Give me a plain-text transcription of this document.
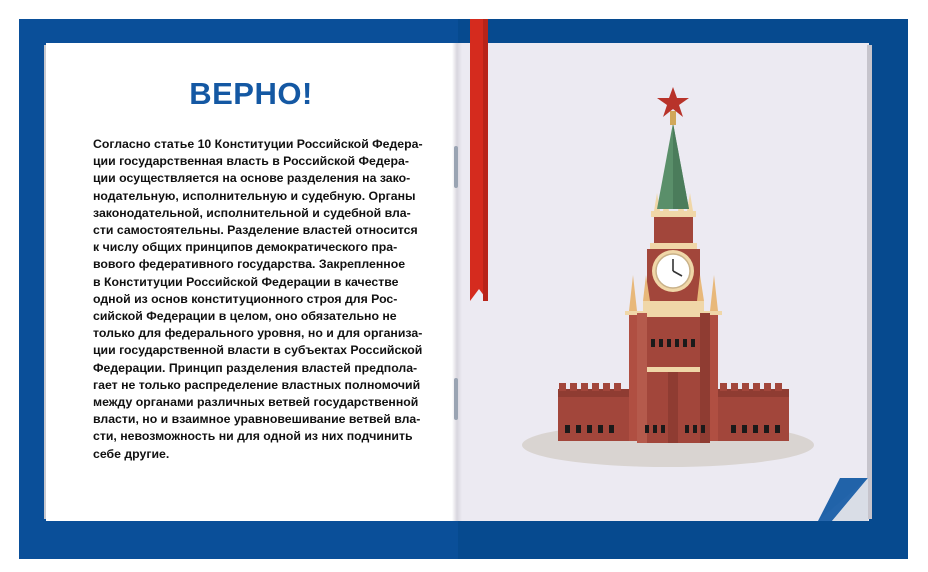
ВЕРНО!
Согласно статье 10 Конституции Российской Федера-
ции государственная власть в Российской Федера-
ции осуществляется на основе разделения на зако-
нодательную, исполнительную и судебную. Органы
законодательной, исполнительной и судебной вла-
сти самостоятельны. Разделение властей относится
к числу общих принципов демократического пра-
вового федеративного государства. Закрепленное
в Конституции Российской Федерации в качестве
одной из основ конституционного строя для Рос-
сийской Федерации в целом, оно обязательно не
только для федерального уровня, но и для организа-
ции государственной власти в субъектах Российской
Федерации. Принцип разделения властей предпола-
гает не только распределение властных полномочий
между органами различных ветвей государственной
власти, но и взаимное уравновешивание ветвей вла-
сти, невозможность ни для одной из них подчинить
себе другие.
